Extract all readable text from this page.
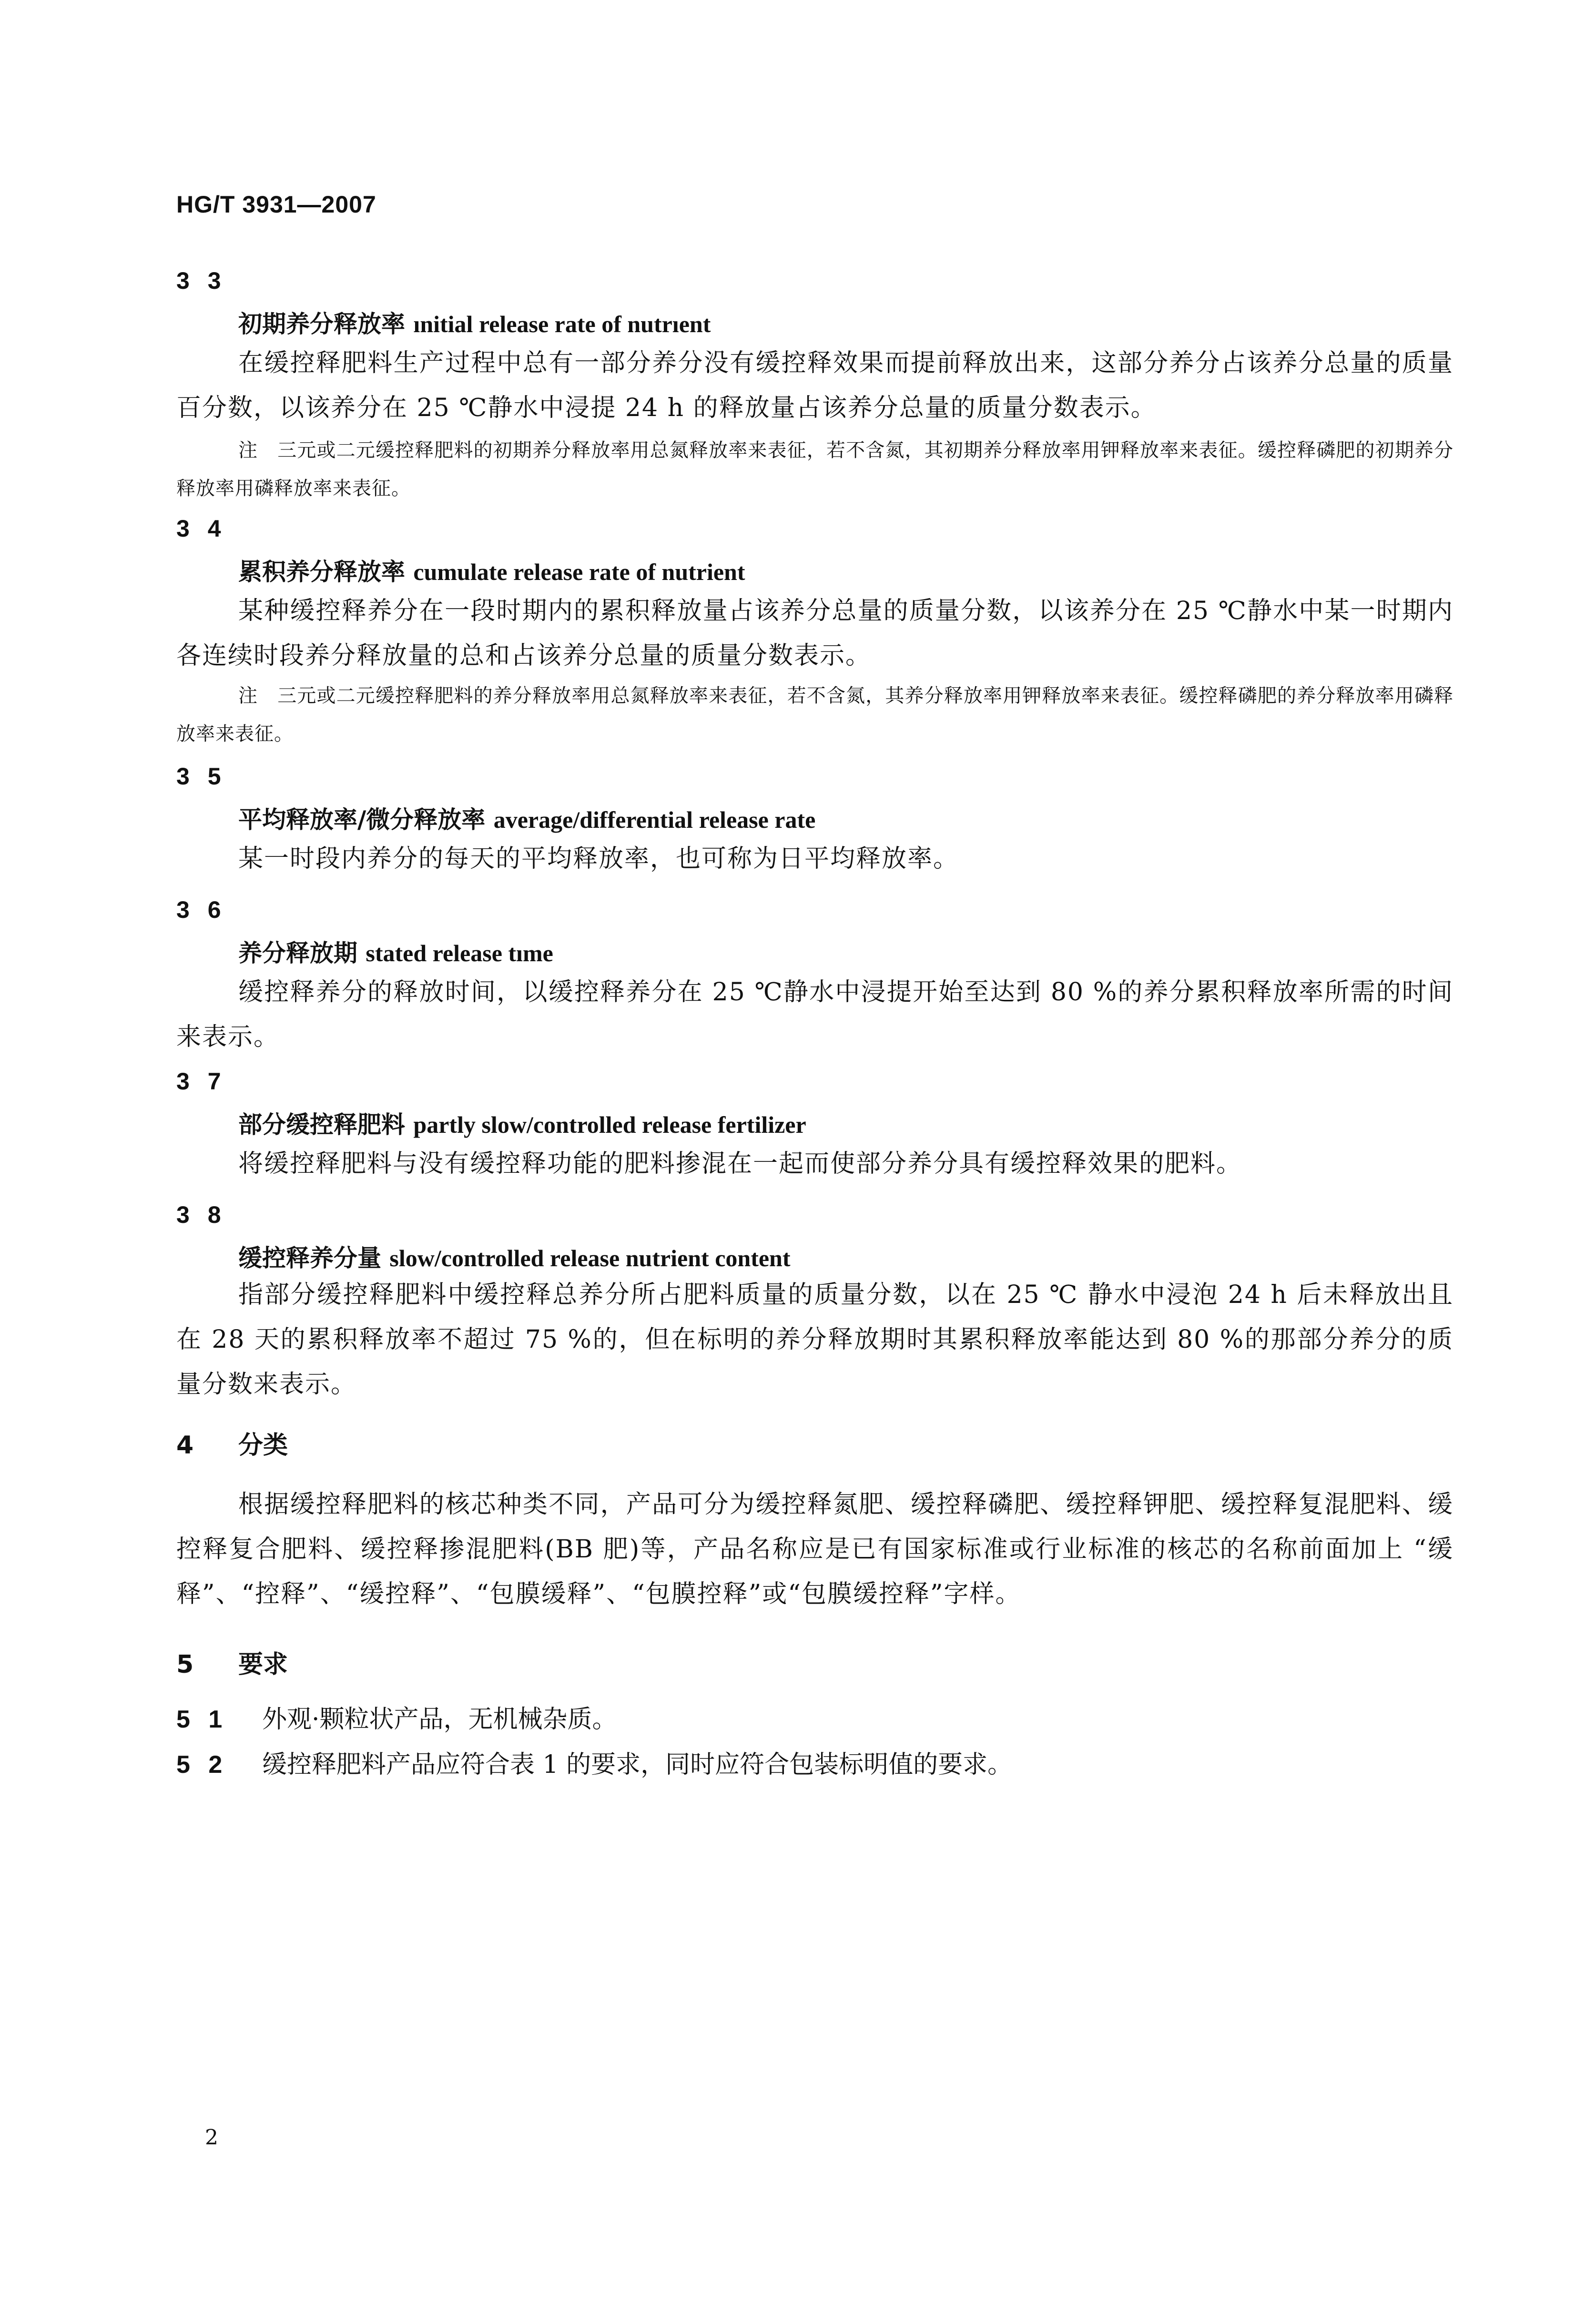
HG/T 3931—2007
3 3
初期养分释放率 ınitial release rate of nutrıent
在缓控释肥料生产过程中总有一部分养分没有缓控释效果而提前释放出来，这部分养分占该养分总量的质量百分数，以该养分在 25 ℃静水中浸提 24 h 的释放量占该养分总量的质量分数表示。
注　三元或二元缓控释肥料的初期养分释放率用总氮释放率来表征，若不含氮，其初期养分释放率用钾释放率来表征。缓控释磷肥的初期养分释放率用磷释放率来表征。
3 4
累积养分释放率 cumulate release rate of nutrient
某种缓控释养分在一段时期内的累积释放量占该养分总量的质量分数，以该养分在 25 ℃静水中某一时期内各连续时段养分释放量的总和占该养分总量的质量分数表示。
注　三元或二元缓控释肥料的养分释放率用总氮释放率来表征，若不含氮，其养分释放率用钾释放率来表征。缓控释磷肥的养分释放率用磷释放率来表征。
3 5
平均释放率/微分释放率 average/differential release rate
某一时段内养分的每天的平均释放率，也可称为日平均释放率。
3 6
养分释放期 stated release tıme
缓控释养分的释放时间，以缓控释养分在 25 ℃静水中浸提开始至达到 80 %的养分累积释放率所需的时间来表示。
3 7
部分缓控释肥料 partly slow/controlled release fertilizer
将缓控释肥料与没有缓控释功能的肥料掺混在一起而使部分养分具有缓控释效果的肥料。
3 8
缓控释养分量 slow/controlled release nutrient content
指部分缓控释肥料中缓控释总养分所占肥料质量的质量分数，以在 25 ℃ 静水中浸泡 24 h 后未释放出且在 28 天的累积释放率不超过 75 %的，但在标明的养分释放期时其累积释放率能达到 80 %的那部分养分的质量分数来表示。
4 分类
根据缓控释肥料的核芯种类不同，产品可分为缓控释氮肥、缓控释磷肥、缓控释钾肥、缓控释复混肥料、缓控释复合肥料、缓控释掺混肥料(BB 肥)等，产品名称应是已有国家标准或行业标准的核芯的名称前面加上 “缓释”、“控释”、“缓控释”、“包膜缓释”、“包膜控释”或“包膜缓控释”字样。
5 要求
5 1 外观·颗粒状产品，无机械杂质。
5 2 缓控释肥料产品应符合表 1 的要求，同时应符合包装标明值的要求。
2
